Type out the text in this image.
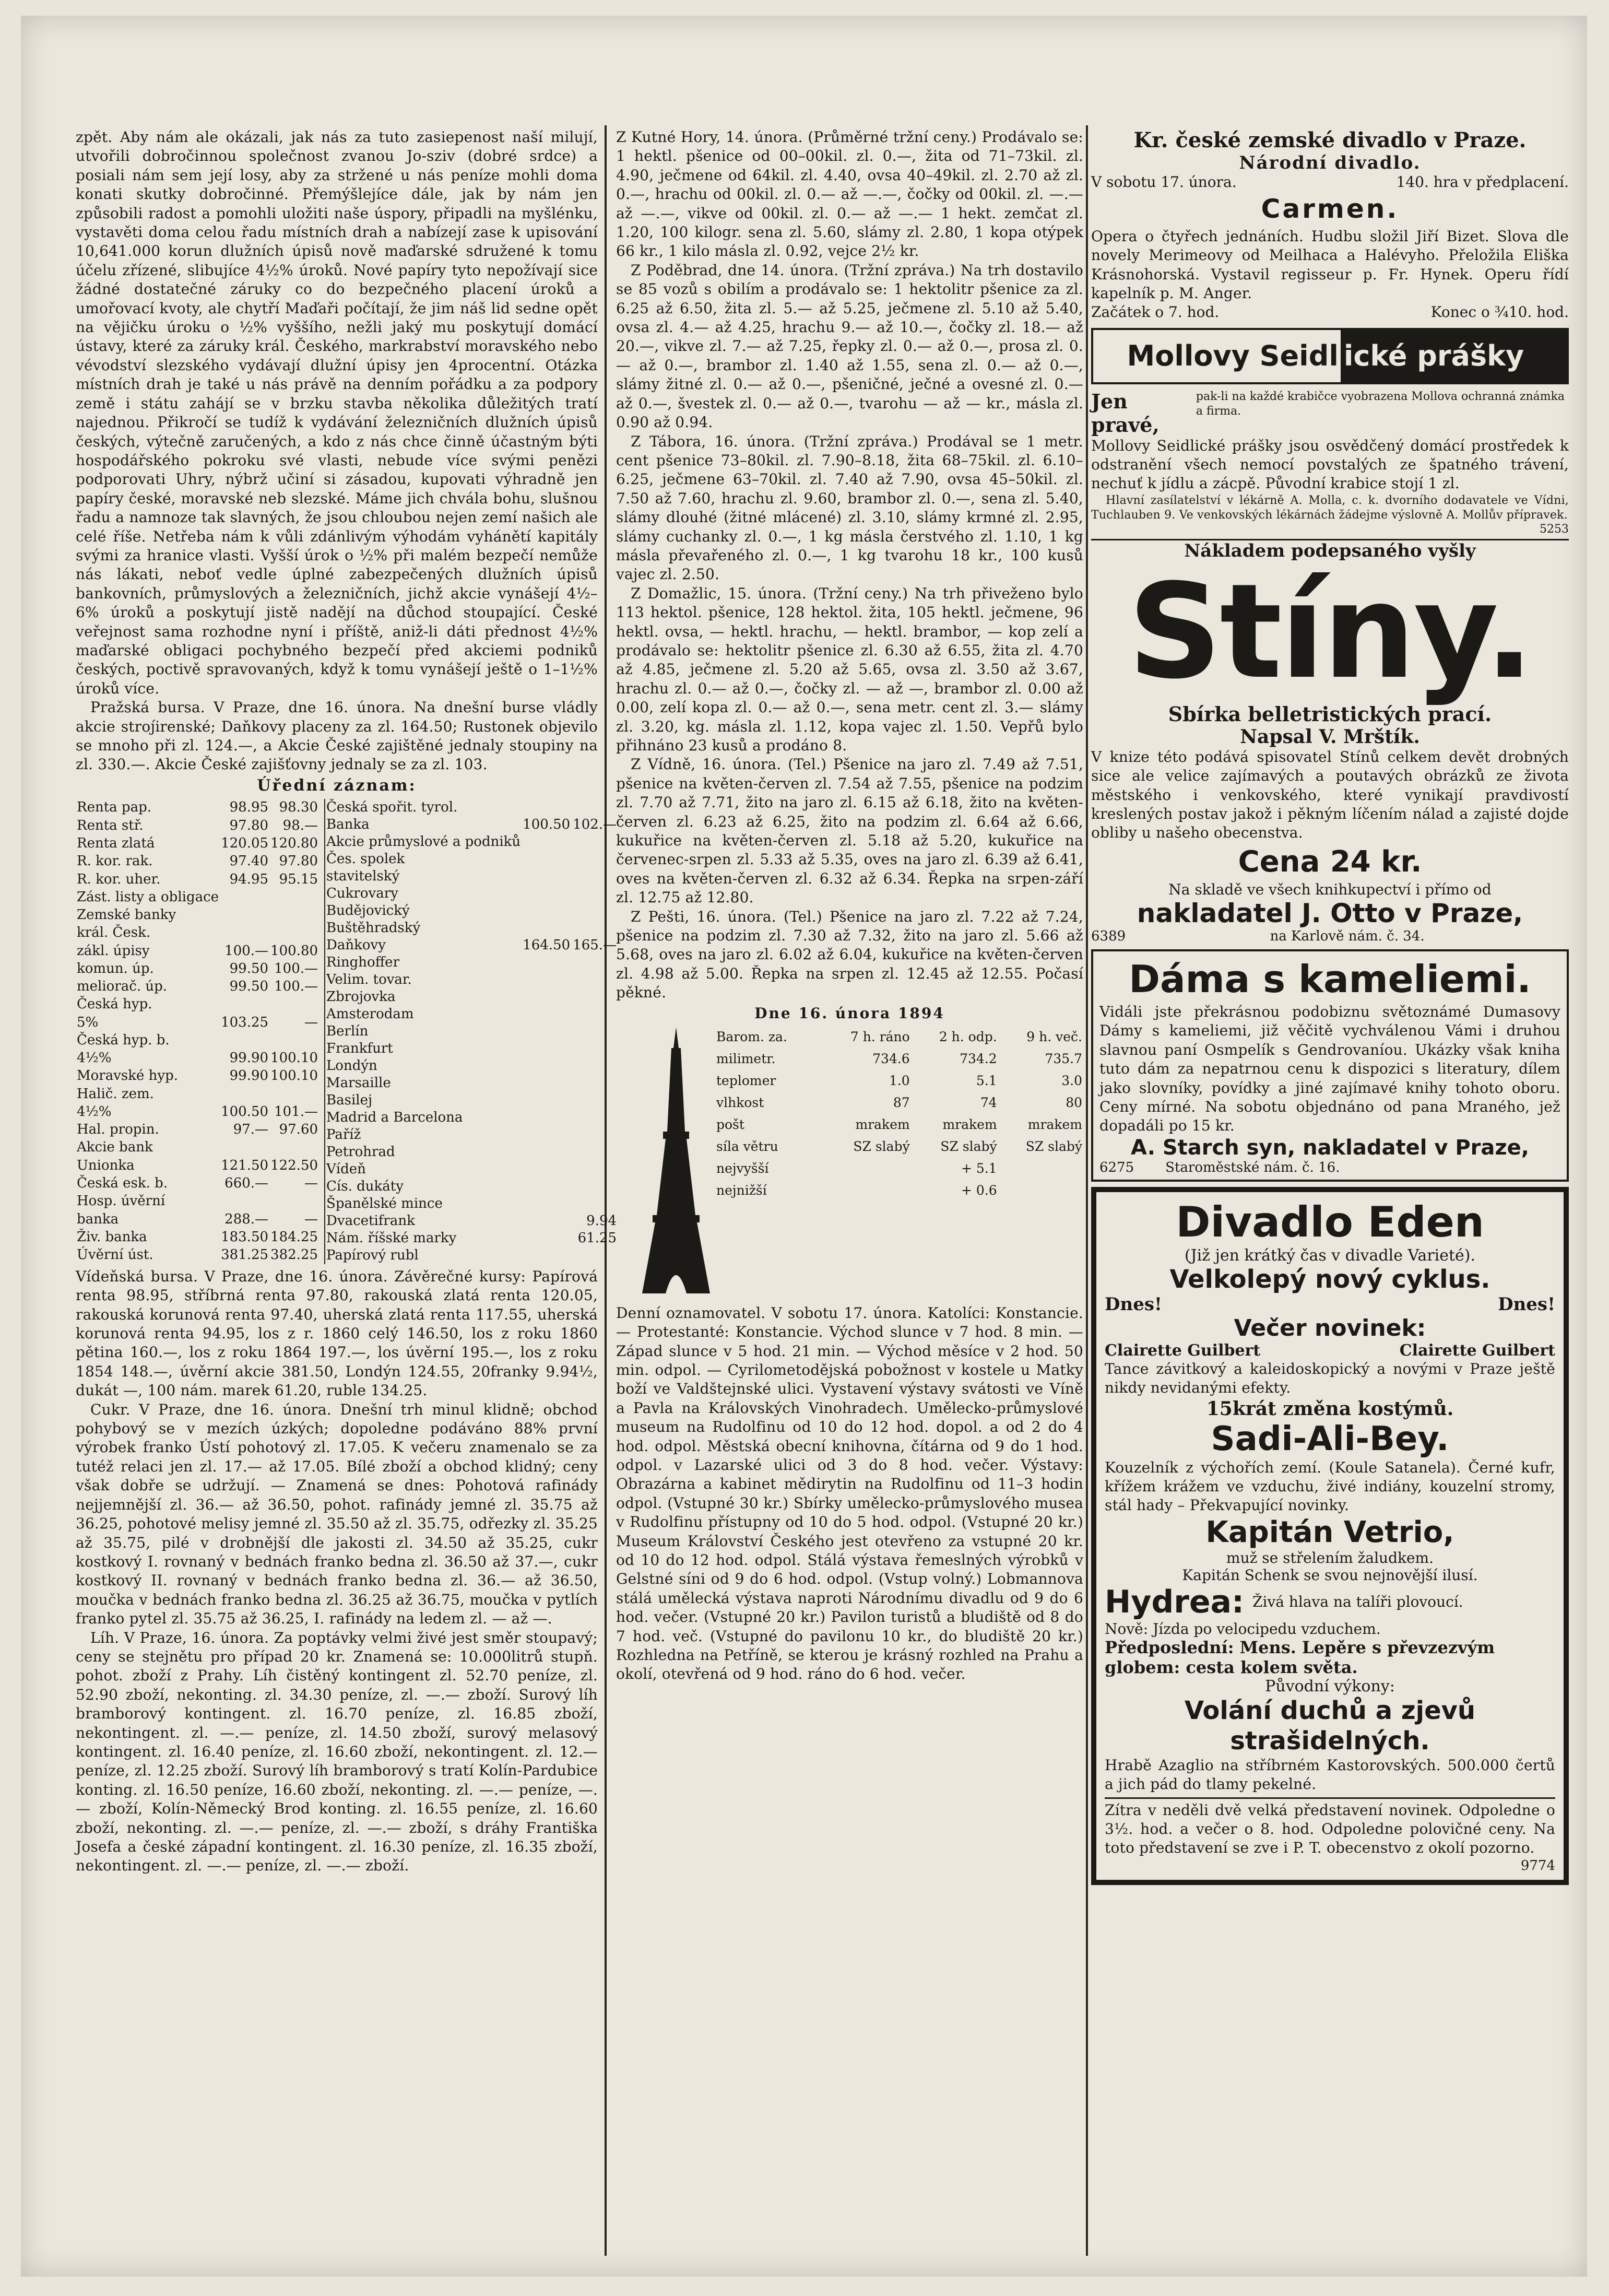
zpět. Aby nám ale okázali, jak nás za tuto zasiepenost naší milují, utvořili dobročinnou společnost zvanou Jo-sziv (dobré srdce) a posiali nám sem její losy, aby za stržené u nás peníze mohli doma konati skutky dobročinné. Přemýšlejíce dále, jak by nám jen způsobili radost a pomohli uložiti naše úspory, připadli na myšlénku, vystavěti doma celou řadu místních drah a nabízejí zase k upisování 10,641.000 korun dlužních úpisů nově maďarské sdružené k tomu účelu zřízené, slibujíce 4½% úroků. Nové papíry tyto nepožívají sice žádné dostatečné záruky co do bezpečného placení úroků a umořovací kvoty, ale chytří Maďaři počítají, že jim náš lid sedne opět na vějičku úroku o ½% vyššího, nežli jaký mu poskytují domácí ústavy, které za záruky král. Českého, markrabství moravského nebo vévodství slezského vydávají dlužní úpisy jen 4procentní. Otázka místních drah je také u nás právě na denním pořádku a za podpory země i státu zahájí se v brzku stavba několika důležitých tratí najednou. Přikročí se tudíž k vydávání železničních dlužních úpisů českých, výtečně zaručených, a kdo z nás chce činně účastným býti hospodářského pokroku své vlasti, nebude více svými penězi podporovati Uhry, nýbrž učiní si zásadou, kupovati výhradně jen papíry české, moravské neb slezské. Máme jich chvála bohu, slušnou řadu a namnoze tak slavných, že jsou chloubou nejen zemí našich ale celé říše. Netřeba nám k vůli zdánlivým výhodám vyhánětí kapitály svými za hranice vlasti. Vyšší úrok o ½% při malém bezpečí nemůže nás lákati, neboť vedle úplné zabezpečených dlužních úpisů bankovních, průmyslových a železničních, jichž akcie vynášejí 4½–6% úroků a poskytují jistě nadějí na důchod stoupající. České veřejnost sama rozhodne nyní i příště, aniž-li dáti přednost 4½% maďarské obligaci pochybného bezpečí před akciemi podniků českých, poctivě spravovaných, když k tomu vynášejí ještě o 1–1½% úroků více.

Pražská bursa. V Praze, dne 16. února. Na dnešní burse vládly akcie stroj́irenské; Daňkovy placeny za zl. 164.50; Rustonek objevilo se mnoho při zl. 124.—, a Akcie České zajištěné jednaly stoupiny na zl. 330.—. Akcie České zajišťovny jednaly se za zl. 103.

Úřední záznam:
Renta pap.	98.95	98.30
Renta stř.	97.80	98.—
Renta zlatá	120.05	120.80
R. kor. rak.	97.40	97.80
R. kor. uher.	94.95	95.15
Zást. listy a obligace		
Zemské banky		
král. Česk.		
zákl. úpisy	100.—	100.80
komun. úp.	99.50	100.—
meliorač. úp.	99.50	100.—
Česká hyp.		
5%	103.25	—
Česká hyp. b.		
4½%	99.90	100.10
Moravské hyp.	99.90	100.10
Halič. zem.		
4½%	100.50	101.—
Hal. propin.	97.—	97.60
Akcie bank		
Unionka	121.50	122.50
Česká esk. b.	660.—	—
Hosp. úvěrní		
banka	288.—	—
Živ. banka	183.50	184.25
Úvěrní úst.	381.25	382.25
Česká spořit. tyrol.		
Banka	100.50	102.—
Akcie průmyslové a podniků		
Čes. spolek		
stavitelský		
Cukrovary		
Budějovický		
Buštěhradský		
Daňkovy	164.50	165.—
Ringhoffer		
Velim. tovar.		
Zbrojovka		
Amsterodam		
Berlín		
Frankfurt		
Londýn		
Marsaille		
Basilej		
Madrid a Barcelona		
Paříž		
Petrohrad		
Vídeň		
Cís. dukáty		
Španělské mince		
Dvacetifrank		9.94
Nám. říšské marky		61.25
Papírový rubl		

Vídeňská bursa. V Praze, dne 16. února. Závěrečné kursy: Papírová renta 98.95, stříbrná renta 97.80, rakouská zlatá renta 120.05, rakouská korunová renta 97.40, uherská zlatá renta 117.55, uherská korunová renta 94.95, los z r. 1860 celý 146.50, los z roku 1860 pětina 160.—, los z roku 1864 197.—, los úvěrní 195.—, los z roku 1854 148.—, úvěrní akcie 381.50, Londýn 124.55, 20franky 9.94½, dukát —, 100 nám. marek 61.20, ruble 134.25.

Cukr. V Praze, dne 16. února. Dnešní trh minul klidně; obchod pohybový se v mezích úzkých; dopoledne podáváno 88% první výrobek franko Ústí pohotový zl. 17.05. K večeru znamenalo se za tutéž relaci jen zl. 17.— až 17.05. Bílé zboží a obchod klidný; ceny však dobře se udržují. — Znamená se dnes: Pohotová rafinády nejjemnější zl. 36.— až 36.50, pohot. rafinády jemné zl. 35.75 až 36.25, pohotové melisy jemné zl. 35.50 až zl. 35.75, odřezky zl. 35.25 až 35.75, pilé v drobnější dle jakosti zl. 34.50 až 35.25, cukr kostkový I. rovnaný v bednách franko bedna zl. 36.50 až 37.—, cukr kostkový II. rovnaný v bednách franko bedna zl. 36.— až 36.50, moučka v bednách franko bedna zl. 36.25 až 36.75, moučka v pytlích franko pytel zl. 35.75 až 36.25, I. rafinády na ledem zl. — až —.

Líh. V Praze, 16. února. Za poptávky velmi živé jest směr stoupavý; ceny se stejnětu pro případ 20 kr. Znamená se: 10.000litrů stupň. pohot. zboží z Prahy. Líh čistěný kontingent zl. 52.70 peníze, zl. 52.90 zboží, nekonting. zl. 34.30 peníze, zl. —.— zboží. Surový líh bramborový kontingent. zl. 16.70 peníze, zl. 16.85 zboží, nekontingent. zl. —.— peníze, zl. 14.50 zboží, surový melasový kontingent. zl. 16.40 peníze, zl. 16.60 zboží, nekontingent. zl. 12.— peníze, zl. 12.25 zboží. Surový líh bramborový s tratí Kolín-Pardubice konting. zl. 16.50 peníze, 16.60 zboží, nekonting. zl. —.— peníze, —.— zboží, Kolín-Německý Brod konting. zl. 16.55 peníze, zl. 16.60 zboží, nekonting. zl. —.— peníze, zl. —.— zboží, s dráhy Františka Josefa a české západní kontingent. zl. 16.30 peníze, zl. 16.35 zboží, nekontingent. zl. —.— peníze, zl. —.— zboží.

Z Kutné Hory, 14. února. (Průměrné tržní ceny.) Prodávalo se: 1 hektl. pšenice od 00–00kil. zl. 0.—, žita od 71–73kil. zl. 4.90, ječmene od 64kil. zl. 4.40, ovsa 40–49kil. zl. 2.70 až zl. 0.—, hrachu od 00kil. zl. 0.— až —.—, čočky od 00kil. zl. —.— až —.—, vikve od 00kil. zl. 0.— až —.— 1 hekt. zemčat zl. 1.20, 100 kilogr. sena zl. 5.60, slámy zl. 2.80, 1 kopa otýpek 66 kr., 1 kilo másla zl. 0.92, vejce 2½ kr.

Z Poděbrad, dne 14. února. (Tržní zpráva.) Na trh dostavilo se 85 vozů s obilím a prodávalo se: 1 hektolitr pšenice za zl. 6.25 až 6.50, žita zl. 5.— až 5.25, ječmene zl. 5.10 až 5.40, ovsa zl. 4.— až 4.25, hrachu 9.— až 10.—, čočky zl. 18.— až 20.—, vikve zl. 7.— až 7.25, řepky zl. 0.— až 0.—, prosa zl. 0.— až 0.—, brambor zl. 1.40 až 1.55, sena zl. 0.— až 0.—, slámy žitné zl. 0.— až 0.—, pšeničné, ječné a ovesné zl. 0.— až 0.—, švestek zl. 0.— až 0.—, tvarohu — až — kr., másla zl. 0.90 až 0.94.

Z Tábora, 16. února. (Tržní zpráva.) Prodával se 1 metr. cent pšenice 73–80kil. zl. 7.90–8.18, žita 68–75kil. zl. 6.10–6.25, ječmene 63–70kil. zl. 7.40 až 7.90, ovsa 45–50kil. zl. 7.50 až 7.60, hrachu zl. 9.60, brambor zl. 0.—, sena zl. 5.40, slámy dlouhé (žitné mlácené) zl. 3.10, slámy krmné zl. 2.95, slámy cuchanky zl. 0.—, 1 kg másla čerstvého zl. 1.10, 1 kg másla převařeného zl. 0.—, 1 kg tvarohu 18 kr., 100 kusů vajec zl. 2.50.

Z Domažlic, 15. února. (Tržní ceny.) Na trh přiveženo bylo 113 hektol. pšenice, 128 hektol. žita, 105 hektl. ječmene, 96 hektl. ovsa, — hektl. hrachu, — hektl. brambor, — kop zelí a prodávalo se: hektolitr pšenice zl. 6.30 až 6.55, žita zl. 4.70 až 4.85, ječmene zl. 5.20 až 5.65, ovsa zl. 3.50 až 3.67, hrachu zl. 0.— až 0.—, čočky zl. — až —, brambor zl. 0.00 až 0.00, zelí kopa zl. 0.— až 0.—, sena metr. cent zl. 3.— slámy zl. 3.20, kg. másla zl. 1.12, kopa vajec zl. 1.50. Vepřů bylo přihnáno 23 kusů a prodáno 8.

Z Vídně, 16. února. (Tel.) Pšenice na jaro zl. 7.49 až 7.51, pšenice na květen-červen zl. 7.54 až 7.55, pšenice na podzim zl. 7.70 až 7.71, žito na jaro zl. 6.15 až 6.18, žito na květen-červen zl. 6.23 až 6.25, žito na podzim zl. 6.64 až 6.66, kukuřice na květen-červen zl. 5.18 až 5.20, kukuřice na červenec-srpen zl. 5.33 až 5.35, oves na jaro zl. 6.39 až 6.41, oves na květen-červen zl. 6.32 až 6.34. Řepka na srpen-září zl. 12.75 až 12.80.

Z Pešti, 16. února. (Tel.) Pšenice na jaro zl. 7.22 až 7.24, pšenice na podzim zl. 7.30 až 7.32, žito na jaro zl. 5.66 až 5.68, oves na jaro zl. 6.02 až 6.04, kukuřice na květen-červen zl. 4.98 až 5.00. Řepka na srpen zl. 12.45 až 12.55. Počasí pěkné.

Dne 16. února 1894
Barom. za.	7 h. ráno	2 h. odp.	9 h. več.
milimetr.	734.6	734.2	735.7
teplomer	1.0	5.1	3.0
vlhkost	87	74	80
pošt	mrakem	mrakem	mrakem
síla větru	SZ slabý	SZ slabý	SZ slabý
nejvyšší		+ 5.1	
nejnižší		+ 0.6	

Denní oznamovatel. V sobotu 17. února. Katolíci: Konstancie. — Protestanté: Konstancie. Východ slunce v 7 hod. 8 min. — Západ slunce v 5 hod. 21 min. — Východ měsíce v 2 hod. 50 min. odpol. — Cyrilometodějská pobožnost v kostele u Matky boží ve Valdštejnské ulici. Vystavení výstavy svátosti ve Víně a Pavla na Královských Vinohradech. Umělecko-průmyslové museum na Rudolfinu od 10 do 12 hod. dopol. a od 2 do 4 hod. odpol. Městská obecní knihovna, čítárna od 9 do 1 hod. odpol. v Lazarské ulici od 3 do 8 hod. večer. Výstavy: Obrazárna a kabinet mědirytin na Rudolfinu od 11–3 hodin odpol. (Vstupné 30 kr.) Sbírky umělecko-průmyslového musea v Rudolfinu přístupny od 10 do 5 hod. odpol. (Vstupné 20 kr.) Museum Království Českého jest otevřeno za vstupné 20 kr. od 10 do 12 hod. odpol. Stálá výstava řemeslných výrobků v Gelstné síni od 9 do 6 hod. odpol. (Vstup volný.) Lobmannova stálá umělecká výstava naproti Národnímu divadlu od 9 do 6 hod. večer. (Vstupné 20 kr.) Pavilon turistů a bludiště od 8 do 7 hod. več. (Vstupné do pavilonu 10 kr., do bludiště 20 kr.) Rozhledna na Petříně, se kterou je krásný rozhled na Prahu a okolí, otevřená od 9 hod. ráno do 6 hod. večer.

Kr. české zemské divadlo v Praze.
Národní divadlo.
V sobotu 17. února.	140. hra v předplacení.
Carmen.

Opera o čtyřech jednáních. Hudbu složil Jiří Bizet. Slova dle novely Merimeovy od Meilhaca a Halévyho. Přeložila Eliška Krásnohorská. Vystavil regisseur p. Fr. Hynek. Operu řídí kapelník p. M. Anger.

Začátek o 7. hod.	Konec o ¾10. hod.
Mollovy Seidl ické prášky
Jen pravé,
pak-li na každé krabičce vyobrazena Mollova ochranná známka a firma.

Mollovy Seidlické prášky jsou osvědčený domácí prostředek k odstranění všech nemocí povstalých ze špatného trávení, nechuť k jídlu a zácpě. Původní krabice stojí 1 zl.

Hlavní zasílatelství v lékárně A. Molla, c. k. dvorního dodavatele ve Vídni, Tuchlauben 9. Ve venkovských lékárnách žádejme výslovně A. Mollův přípravek.

5253
Nákladem podepsaného vyšly
Stíny.
Sbírka belletristických prací.
Napsal V. Mrštík.

V knize této podává spisovatel Stínů celkem devět drobných sice ale velice zajímavých a poutavých obrázků ze života městského i venkovského, které vynikají pravdivostí kreslených postav jakož i pěkným líčením nálad a zajisté dojde obliby u našeho obecenstva.

Cena 24 kr.
Na skladě ve všech knihkupectví i přímo od
nakladatel J. Otto v Praze,
6389	na Karlově nám. č. 34.
Dáma s kameliemi.

Vidáli jste překrásnou podobiznu světoznámé Dumasovy Dámy s kameliemi, již věčitě vychválenou Vámi i druhou slavnou paní Osmpelík s Gendrovaníou. Ukázky však kniha tuto dám za nepatrnou cenu k dispozici s literatury, dílem jako slovníky, povídky a jiné zajímavé knihy tohoto oboru. Ceny mírné. Na sobotu objednáno od pana Mraného, jež dopadáli po 15 kr.

A. Starch syn, nakladatel v Praze,
6275 Staroměstské nám. č. 16.
Divadlo Eden
(Již jen krátký čas v divadle Varieté).
Velkolepý nový cyklus.
Dnes!	Dnes!
Večer novinek:
Clairette Guilbert	Clairette Guilbert

Tance závitkový a kaleidoskopický a novými v Praze ještě nikdy nevidanými efekty.

15krát změna kostýmů.
Sadi-Ali-Bey.

Kouzelník z výchořích zemí. (Koule Satanela). Černé kufr, křížem krážem ve vzduchu, živé indiány, kouzelní stromy, stál hady – Překvapující novinky.

Kapitán Vetrio,
muž se střelením žaludkem.
Kapitán Schenk se svou nejnovější ilusí.
Hydrea: Živá hlava na talíři plovoucí.
Nově: Jízda po velocipedu vzduchem.
Předposlední: Mens. Lepěre s převzezvým globem: cesta kolem světa.
Původní výkony:
Volání duchů a zjevů strašidelných.

Hrabě Azaglio na stříbrném Kastorovských. 500.000 čertů a jich pád do tlamy pekelné.

Zítra v neděli dvě velká představení novinek. Odpoledne o 3½. hod. a večer o 8. hod. Odpoledne polovičné ceny. Na toto představení se zve i P. T. obecenstvo z okolí pozorno.

9774
